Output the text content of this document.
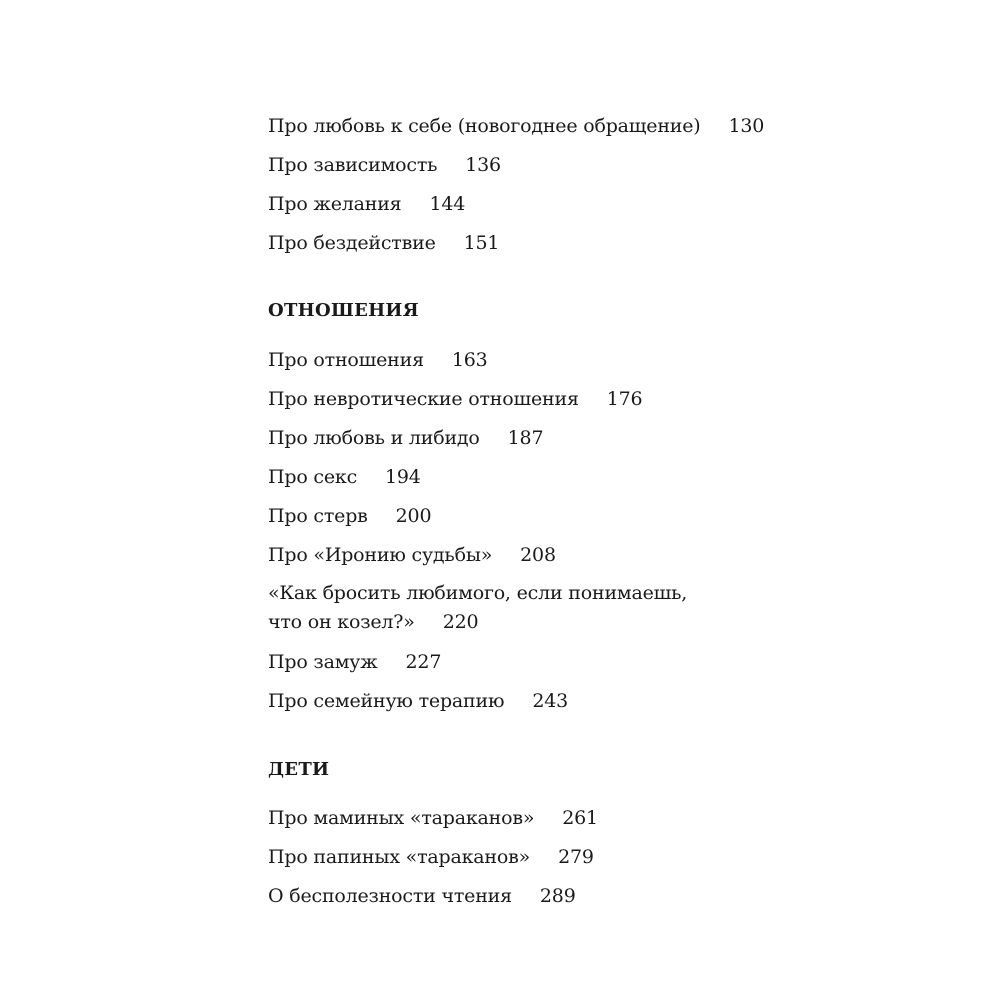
Про любовь к себе (новогоднее обращение) 130
Про зависимость 136
Про желания 144
Про бездействие 151
ОТНОШЕНИЯ
Про отношения 163
Про невротические отношения 176
Про любовь и либидо 187
Про секс 194
Про стерв 200
Про «Иронию судьбы» 208
«Как бросить любимого, если понимаешь,
что он козел?» 220
Про замуж 227
Про семейную терапию 243
ДЕТИ
Про маминых «тараканов» 261
Про папиных «тараканов» 279
О бесполезности чтения 289
